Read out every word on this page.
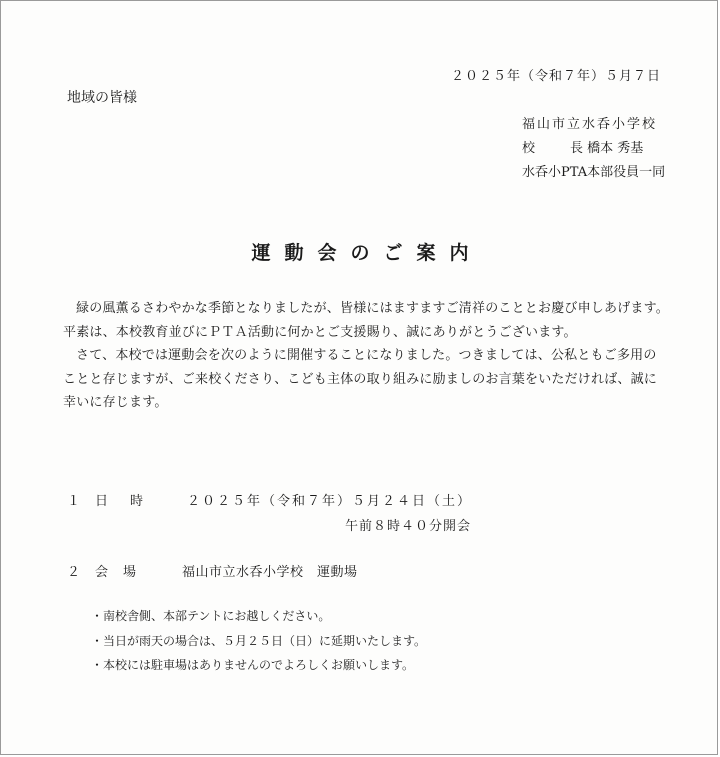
２０２５年（令和７年）５月７日
地域の皆様
福山市立水呑小学校
校	長 橋本 秀基
水呑小PTA本部役員一同
運動会のご案内

緑の風薫るさわやかな季節となりましたが、皆様にはますますご清祥のこととお慶び申しあげます。

平素は、本校教育並びにＰＴＡ活動に何かとご支援賜り、誠にありがとうございます。

さて、本校では運動会を次のように開催することになりました。つきましては、公私ともご多用のことと存じますが、ご来校くださり、こども主体の取り組みに励ましのお言葉をいただければ、誠に幸いに存じます。

１ 日 時	２０２５年（令和７年）５月２４日（土）
午前８時４０分開会
２ 会 場	福山市立水呑小学校　運動場
・南校舎側、本部テントにお越しください。
・当日が雨天の場合は、５月２５日（日）に延期いたします。
・本校には駐車場はありませんのでよろしくお願いします。
